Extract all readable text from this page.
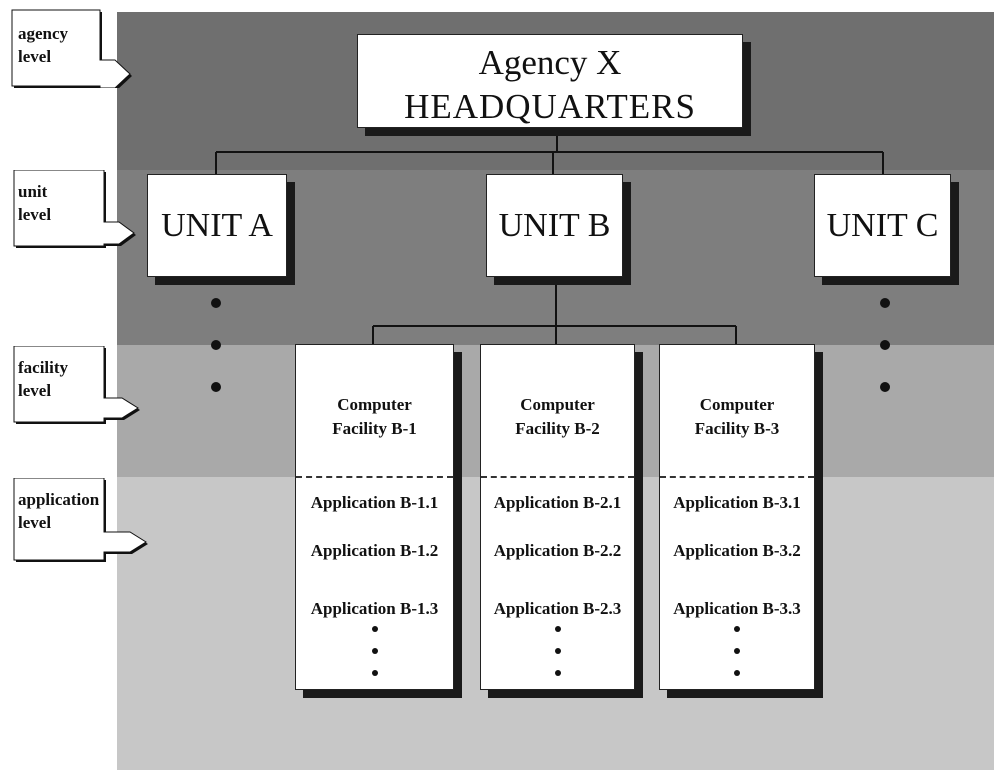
agency
level
unit
level
facility
level
application
level
Agency X
HEADQUARTERS
UNIT A	UNIT B	UNIT C
Computer
Facility B-1
Application B-1.1
Application B-1.2
Application B-1.3
Computer
Facility B-2
Application B-2.1
Application B-2.2
Application B-2.3
Computer
Facility B-3
Application B-3.1
Application B-3.2
Application B-3.3
